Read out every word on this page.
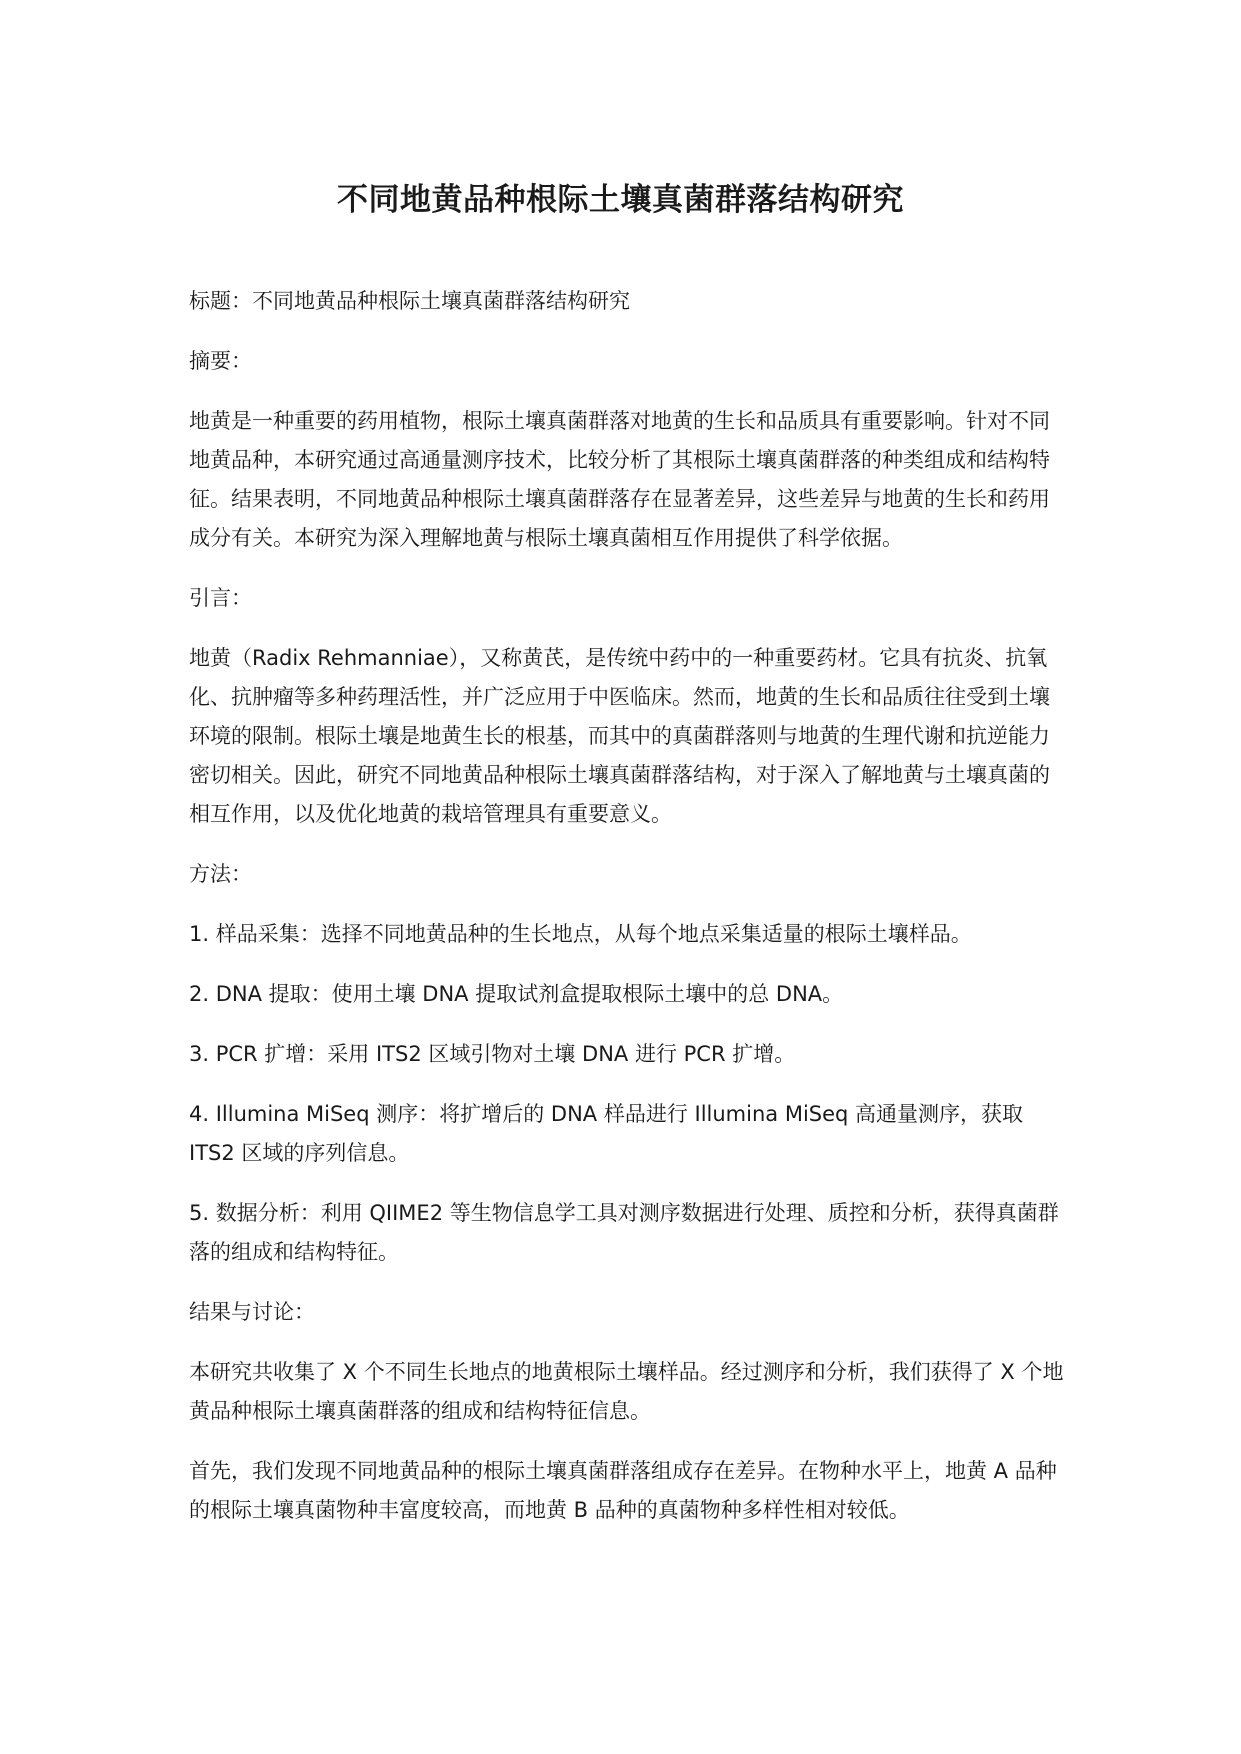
不同地黄品种根际土壤真菌群落结构研究

标题：不同地黄品种根际土壤真菌群落结构研究

摘要：

地黄是一种重要的药用植物，根际土壤真菌群落对地黄的生长和品质具有重要影响。针对不同地黄品种，本研究通过高通量测序技术，比较分析了其根际土壤真菌群落的种类组成和结构特征。结果表明，不同地黄品种根际土壤真菌群落存在显著差异，这些差异与地黄的生长和药用成分有关。本研究为深入理解地黄与根际土壤真菌相互作用提供了科学依据。

引言：

地黄（Radix Rehmanniae），又称黄芪，是传统中药中的一种重要药材。它具有抗炎、抗氧化、抗肿瘤等多种药理活性，并广泛应用于中医临床。然而，地黄的生长和品质往往受到土壤环境的限制。根际土壤是地黄生长的根基，而其中的真菌群落则与地黄的生理代谢和抗逆能力密切相关。因此，研究不同地黄品种根际土壤真菌群落结构，对于深入了解地黄与土壤真菌的相互作用，以及优化地黄的栽培管理具有重要意义。

方法：

1. 样品采集：选择不同地黄品种的生长地点，从每个地点采集适量的根际土壤样品。

2. DNA 提取：使用土壤 DNA 提取试剂盒提取根际土壤中的总 DNA。

3. PCR 扩增：采用 ITS2 区域引物对土壤 DNA 进行 PCR 扩增。

4. Illumina MiSeq 测序：将扩增后的 DNA 样品进行 Illumina MiSeq 高通量测序，获取 ITS2 区域的序列信息。

5. 数据分析：利用 QIIME2 等生物信息学工具对测序数据进行处理、质控和分析，获得真菌群落的组成和结构特征。

结果与讨论：

本研究共收集了 X 个不同生长地点的地黄根际土壤样品。经过测序和分析，我们获得了 X 个地黄品种根际土壤真菌群落的组成和结构特征信息。

首先，我们发现不同地黄品种的根际土壤真菌群落组成存在差异。在物种水平上，地黄 A 品种的根际土壤真菌物种丰富度较高，而地黄 B 品种的真菌物种多样性相对较低。
